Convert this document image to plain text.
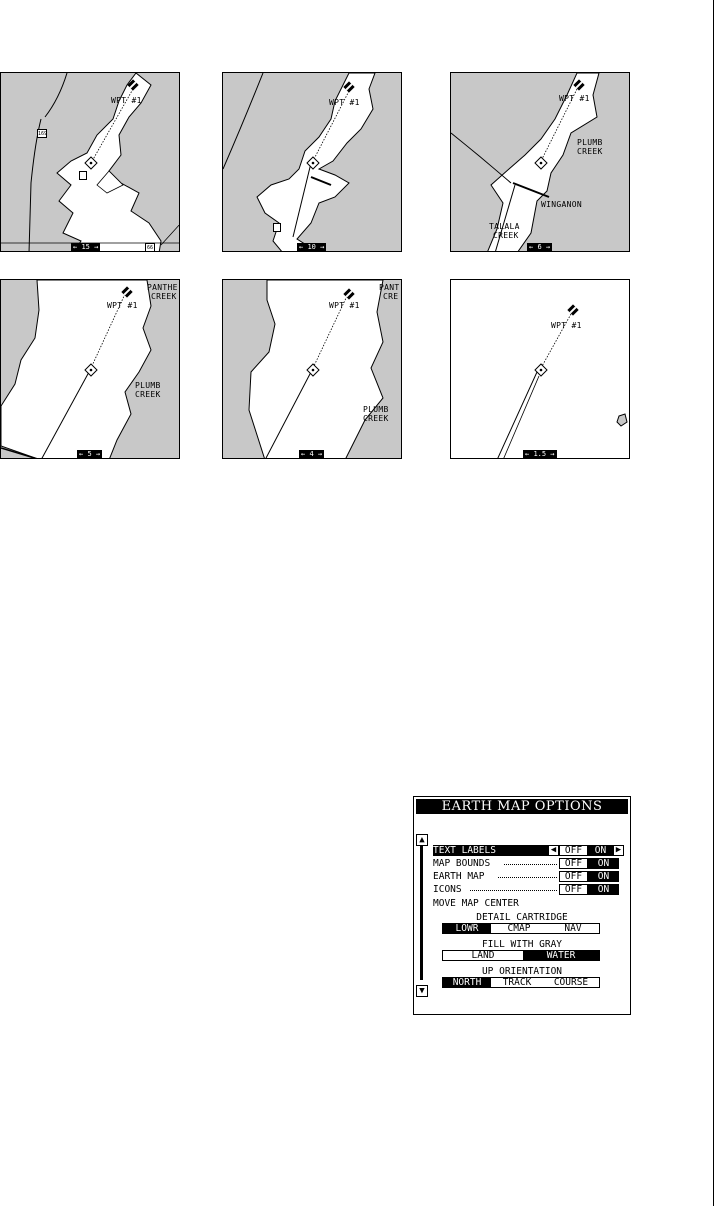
WPT #1
169
66
← 15 →
WPT #1
← 10 →
WPT #1
PLUMB
CREEK
WINGANON
TALALA
CREEK
← 6 →
WPT #1
PANTHE
CREEK
PLUMB
CREEK
← 5 →
WPT #1
PANT
CRE
PLUMB
CREEK
← 4 →
WPT #1
← 1.5 →
EARTH MAP OPTIONS
▲
▼
TEXT LABELS	◀ OFF	ON	▶
MAP BOUNDS	OFF	ON
EARTH MAP	OFF	ON
ICONS	OFF	ON
MOVE MAP CENTER
DETAIL CARTRIDGE
LOWR	CMAP	NAV
FILL WITH GRAY
LAND	WATER
UP ORIENTATION
NORTH	TRACK	COURSE
